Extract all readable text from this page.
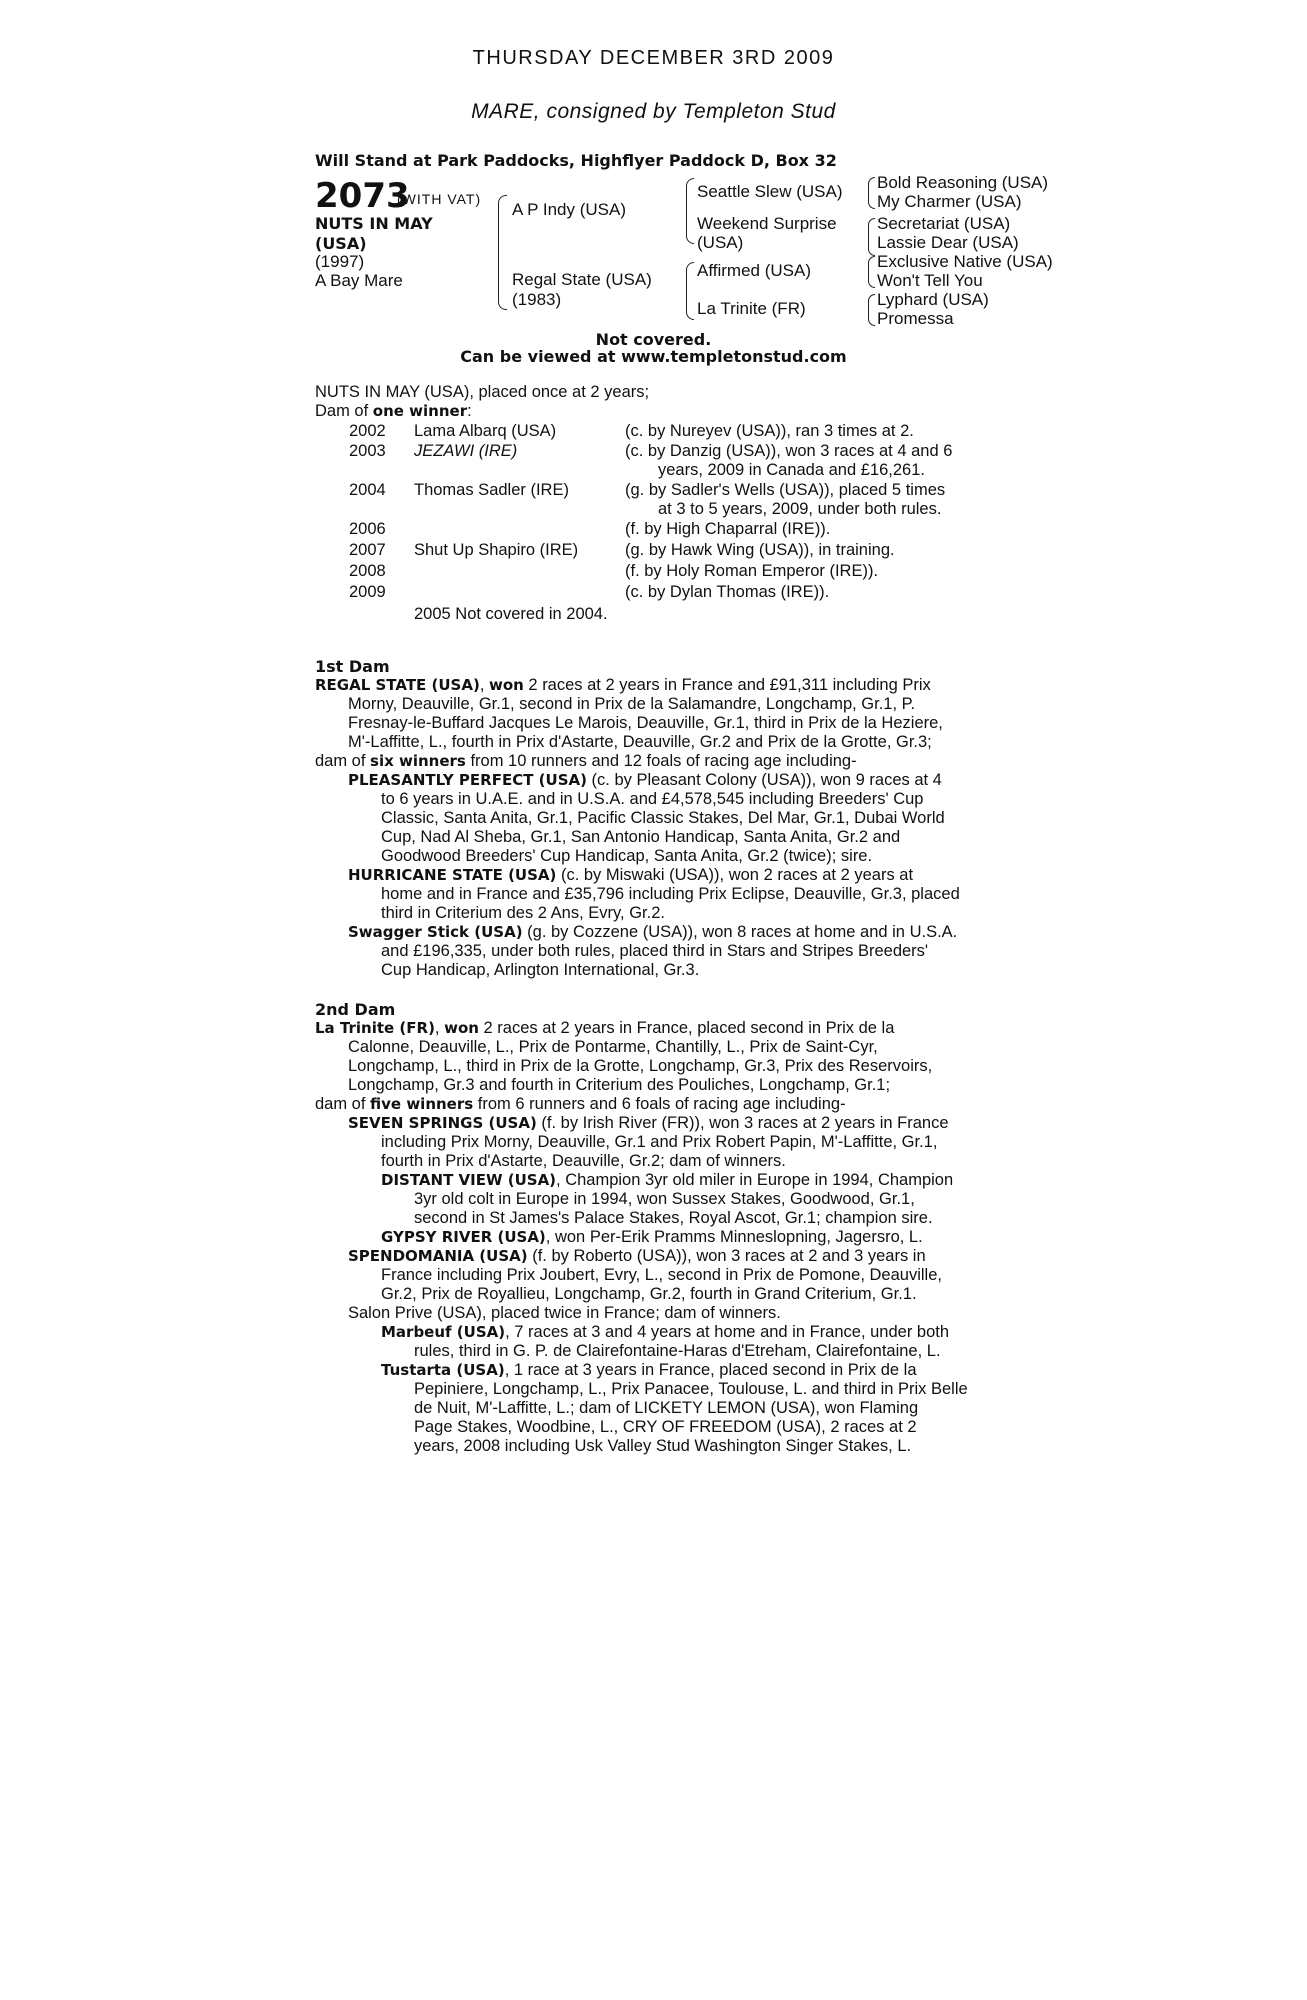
THURSDAY DECEMBER 3RD 2009
MARE, consigned by Templeton Stud
Will Stand at Park Paddocks, Highflyer Paddock D, Box 32
2073
(WITH VAT)
NUTS IN MAY
(USA)
(1997)
A Bay Mare
A P Indy (USA)
Regal State (USA)
(1983)
Seattle Slew (USA)
Weekend Surprise
(USA)
Affirmed (USA)
La Trinite (FR)
Bold Reasoning (USA)
My Charmer (USA)
Secretariat (USA)
Lassie Dear (USA)
Exclusive Native (USA)
Won't Tell You
Lyphard (USA)
Promessa
Not covered.
Can be viewed at www.templetonstud.com
NUTS IN MAY (USA), placed once at 2 years;
Dam of one winner:
2002 Lama Albarq (USA)	(c. by Nureyev (USA)), ran 3 times at 2.
2003 JEZAWI (IRE)	(c. by Danzig (USA)), won 3 races at 4 and 6
years, 2009 in Canada and £16,261.
2004 Thomas Sadler (IRE)	(g. by Sadler's Wells (USA)), placed 5 times
at 3 to 5 years, 2009, under both rules.
2006	(f. by High Chaparral (IRE)).
2007 Shut Up Shapiro (IRE)	(g. by Hawk Wing (USA)), in training.
2008	(f. by Holy Roman Emperor (IRE)).
2009	(c. by Dylan Thomas (IRE)).
2005 Not covered in 2004.
1st Dam
REGAL STATE (USA), won 2 races at 2 years in France and £91,311 including Prix
Morny, Deauville, Gr.1, second in Prix de la Salamandre, Longchamp, Gr.1, P.
Fresnay-le-Buffard Jacques Le Marois, Deauville, Gr.1, third in Prix de la Heziere,
M'-Laffitte, L., fourth in Prix d'Astarte, Deauville, Gr.2 and Prix de la Grotte, Gr.3;
dam of six winners from 10 runners and 12 foals of racing age including-
PLEASANTLY PERFECT (USA) (c. by Pleasant Colony (USA)), won 9 races at 4
to 6 years in U.A.E. and in U.S.A. and £4,578,545 including Breeders' Cup
Classic, Santa Anita, Gr.1, Pacific Classic Stakes, Del Mar, Gr.1, Dubai World
Cup, Nad Al Sheba, Gr.1, San Antonio Handicap, Santa Anita, Gr.2 and
Goodwood Breeders' Cup Handicap, Santa Anita, Gr.2 (twice); sire.
HURRICANE STATE (USA) (c. by Miswaki (USA)), won 2 races at 2 years at
home and in France and £35,796 including Prix Eclipse, Deauville, Gr.3, placed
third in Criterium des 2 Ans, Evry, Gr.2.
Swagger Stick (USA) (g. by Cozzene (USA)), won 8 races at home and in U.S.A.
and £196,335, under both rules, placed third in Stars and Stripes Breeders'
Cup Handicap, Arlington International, Gr.3.
2nd Dam
La Trinite (FR), won 2 races at 2 years in France, placed second in Prix de la
Calonne, Deauville, L., Prix de Pontarme, Chantilly, L., Prix de Saint-Cyr,
Longchamp, L., third in Prix de la Grotte, Longchamp, Gr.3, Prix des Reservoirs,
Longchamp, Gr.3 and fourth in Criterium des Pouliches, Longchamp, Gr.1;
dam of five winners from 6 runners and 6 foals of racing age including-
SEVEN SPRINGS (USA) (f. by Irish River (FR)), won 3 races at 2 years in France
including Prix Morny, Deauville, Gr.1 and Prix Robert Papin, M'-Laffitte, Gr.1,
fourth in Prix d'Astarte, Deauville, Gr.2; dam of winners.
DISTANT VIEW (USA), Champion 3yr old miler in Europe in 1994, Champion
3yr old colt in Europe in 1994, won Sussex Stakes, Goodwood, Gr.1,
second in St James's Palace Stakes, Royal Ascot, Gr.1; champion sire.
GYPSY RIVER (USA), won Per-Erik Pramms Minneslopning, Jagersro, L.
SPENDOMANIA (USA) (f. by Roberto (USA)), won 3 races at 2 and 3 years in
France including Prix Joubert, Evry, L., second in Prix de Pomone, Deauville,
Gr.2, Prix de Royallieu, Longchamp, Gr.2, fourth in Grand Criterium, Gr.1.
Salon Prive (USA), placed twice in France; dam of winners.
Marbeuf (USA), 7 races at 3 and 4 years at home and in France, under both
rules, third in G. P. de Clairefontaine-Haras d'Etreham, Clairefontaine, L.
Tustarta (USA), 1 race at 3 years in France, placed second in Prix de la
Pepiniere, Longchamp, L., Prix Panacee, Toulouse, L. and third in Prix Belle
de Nuit, M'-Laffitte, L.; dam of LICKETY LEMON (USA), won Flaming
Page Stakes, Woodbine, L., CRY OF FREEDOM (USA), 2 races at 2
years, 2008 including Usk Valley Stud Washington Singer Stakes, L.
